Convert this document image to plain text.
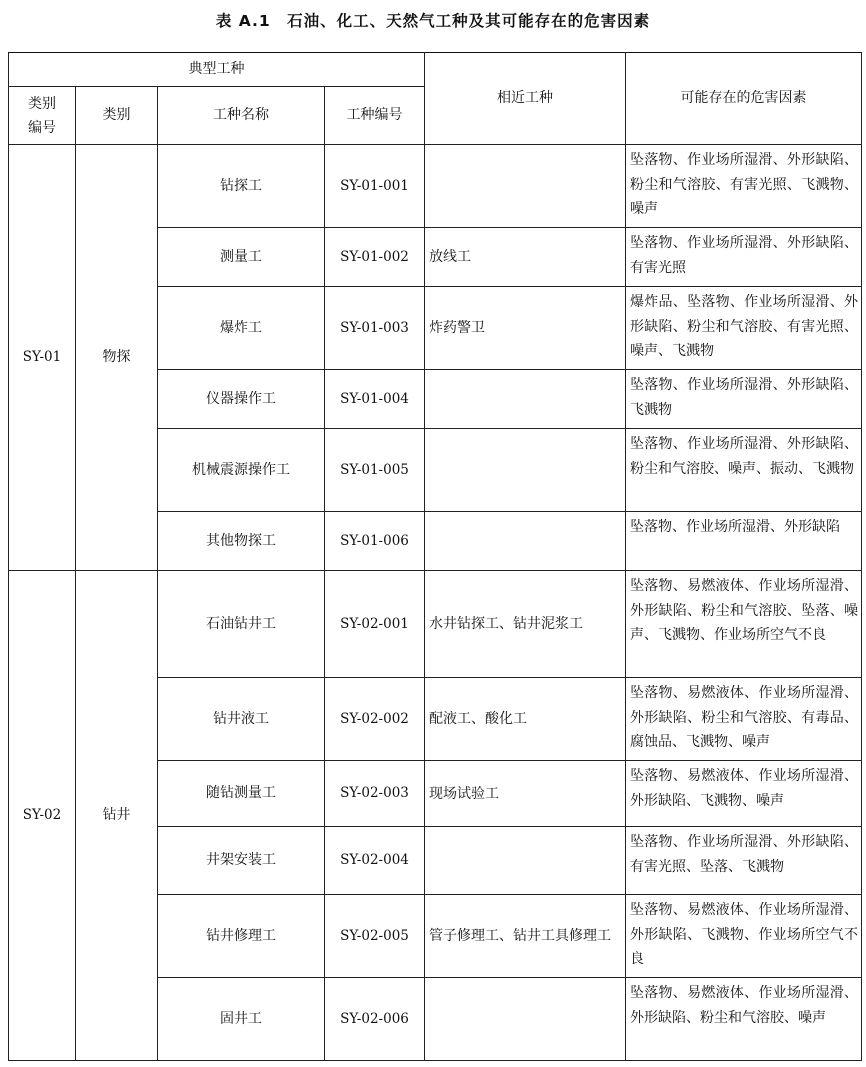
表 A.1　石油、化工、天然气工种及其可能存在的危害因素
典型工种				相近工种	可能存在的危害因素

类别
编号	类别	工种名称	工种编号		
SY-01	物探	钻探工	SY-01-001		坠落物、作业场所湿滑、外形缺陷、粉尘和气溶胶、有害光照、飞溅物、噪声
		测量工	SY-01-002	放线工	坠落物、作业场所湿滑、外形缺陷、有害光照
		爆炸工	SY-01-003	炸药警卫	爆炸品、坠落物、作业场所湿滑、外形缺陷、粉尘和气溶胶、有害光照、噪声、飞溅物
		仪器操作工	SY-01-004		坠落物、作业场所湿滑、外形缺陷、飞溅物
		机械震源操作工	SY-01-005		坠落物、作业场所湿滑、外形缺陷、粉尘和气溶胶、噪声、振动、飞溅物
		其他物探工	SY-01-006		坠落物、作业场所湿滑、外形缺陷
SY-02	钻井	石油钻井工	SY-02-001	水井钻探工、钻井泥浆工	坠落物、易燃液体、作业场所湿滑、外形缺陷、粉尘和气溶胶、坠落、噪声、飞溅物、作业场所空气不良
		钻井液工	SY-02-002	配液工、酸化工	坠落物、易燃液体、作业场所湿滑、外形缺陷、粉尘和气溶胶、有毒品、腐蚀品、飞溅物、噪声
		随钻测量工	SY-02-003	现场试验工	坠落物、易燃液体、作业场所湿滑、外形缺陷、飞溅物、噪声
		井架安装工	SY-02-004		坠落物、作业场所湿滑、外形缺陷、有害光照、坠落、飞溅物
		钻井修理工	SY-02-005	管子修理工、钻井工具修理工	坠落物、易燃液体、作业场所湿滑、外形缺陷、飞溅物、作业场所空气不良
		固井工	SY-02-006		坠落物、易燃液体、作业场所湿滑、外形缺陷、粉尘和气溶胶、噪声
